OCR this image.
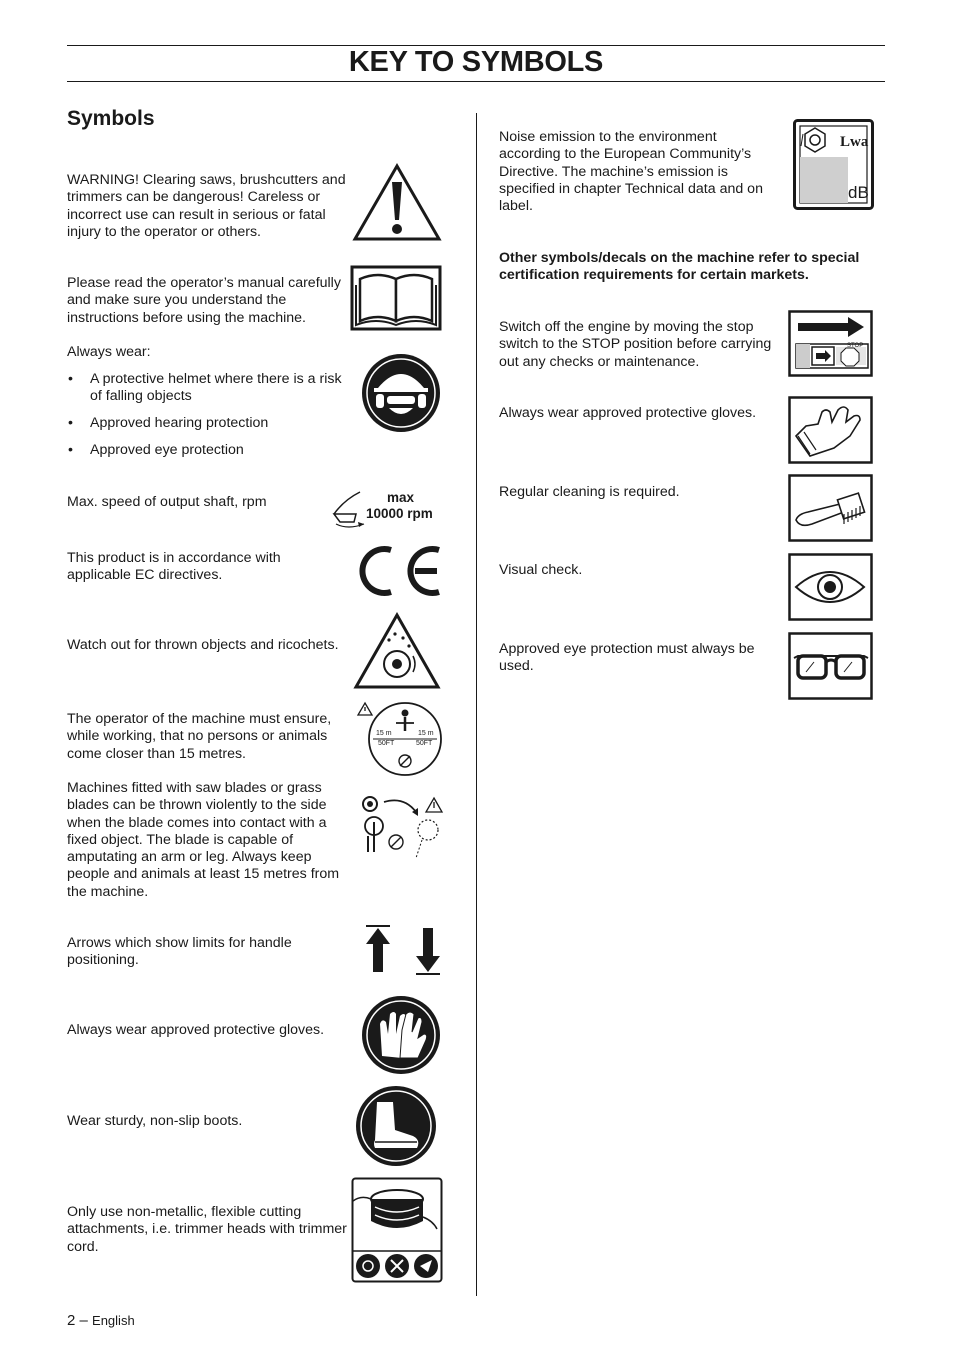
KEY TO SYMBOLS
Symbols
WARNING! Clearing saws, brushcutters and trimmers can be dangerous! Careless or incorrect use can result in serious or fatal injury to the operator or others.
Please read the operator’s manual carefully and make sure you understand the instructions before using the machine.
Always wear:
• A protective helmet where there is a risk of falling objects
• Approved hearing protection
• Approved eye protection
Max. speed of output shaft, rpm	max
10000 rpm
This product is in accordance with applicable EC directives.
Watch out for thrown objects and ricochets.
The operator of the machine must ensure, while working, that no persons or animals come closer than 15 metres.
15 m
50FT
15 m
50FT
Machines fitted with saw blades or grass blades can be thrown violently to the side when the blade comes into contact with a fixed object. The blade is capable of amputating an arm or leg. Always keep people and animals at least 15 metres from the machine.
Arrows which show limits for handle positioning.
Always wear approved protective gloves.
Wear sturdy, non-slip boots.
Only use non-metallic, flexible cutting attachments, i.e. trimmer heads with trimmer cord.
Noise emission to the environment according to the European Community’s Directive. The machine’s emission is specified in chapter Technical data and on label.
Lwa
dB
Other symbols/decals on the machine refer to special certification requirements for certain markets.
Switch off the engine by moving the stop switch to the STOP position before carrying out any checks or maintenance.
STOP
Always wear approved protective gloves.
Regular cleaning is required.
Visual check.
Approved eye protection must always be used.
2 – English
